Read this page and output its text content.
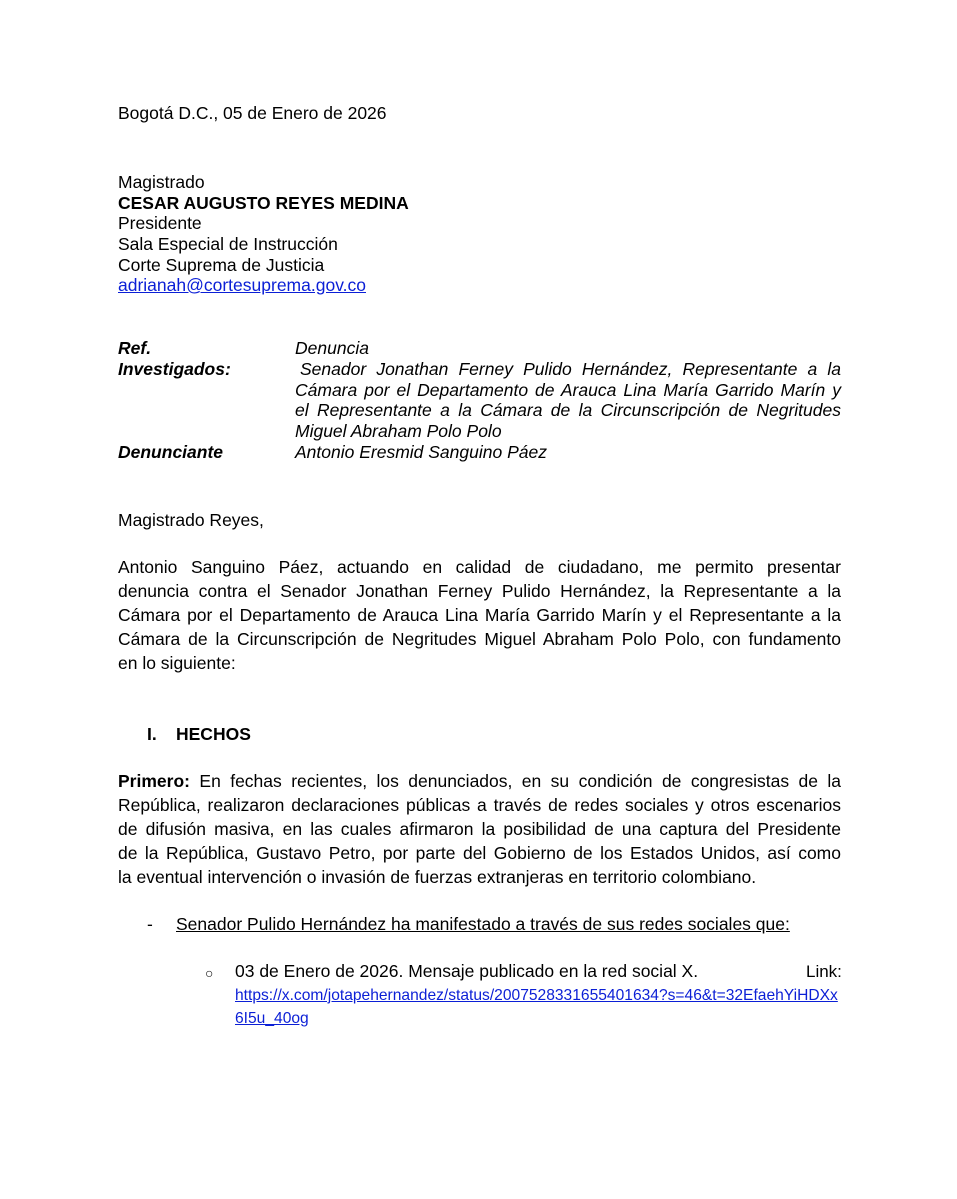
Bogotá D.C., 05 de Enero de 2026
Magistrado
CESAR AUGUSTO REYES MEDINA
Presidente
Sala Especial de Instrucción
Corte Suprema de Justicia
adrianah@cortesuprema.gov.co
Ref.	Denuncia
Investigados:	Senador Jonathan Ferney Pulido Hernández, Representante a la
Cámara por el Departamento de Arauca Lina María Garrido Marín y
el Representante a la Cámara de la Circunscripción de Negritudes
Miguel Abraham Polo Polo
Denunciante	Antonio Eresmid Sanguino Páez
Magistrado Reyes,
Antonio Sanguino Páez, actuando en calidad de ciudadano, me permito presentar
denuncia contra el Senador Jonathan Ferney Pulido Hernández, la Representante a la
Cámara por el Departamento de Arauca Lina María Garrido Marín y el Representante a la
Cámara de la Circunscripción de Negritudes Miguel Abraham Polo Polo, con fundamento
en lo siguiente:
I. HECHOS
Primero: En fechas recientes, los denunciados, en su condición de congresistas de la
República, realizaron declaraciones públicas a través de redes sociales y otros escenarios
de difusión masiva, en las cuales afirmaron la posibilidad de una captura del Presidente
de la República, Gustavo Petro, por parte del Gobierno de los Estados Unidos, así como
la eventual intervención o invasión de fuerzas extranjeras en territorio colombiano.
- Senador Pulido Hernández ha manifestado a través de sus redes sociales que:
○ 03 de Enero de 2026. Mensaje publicado en la red social X.	Link:
https://x.com/jotapehernandez/status/2007528331655401634?s=46&t=32EfaehYiHDXx
6I5u_40og
